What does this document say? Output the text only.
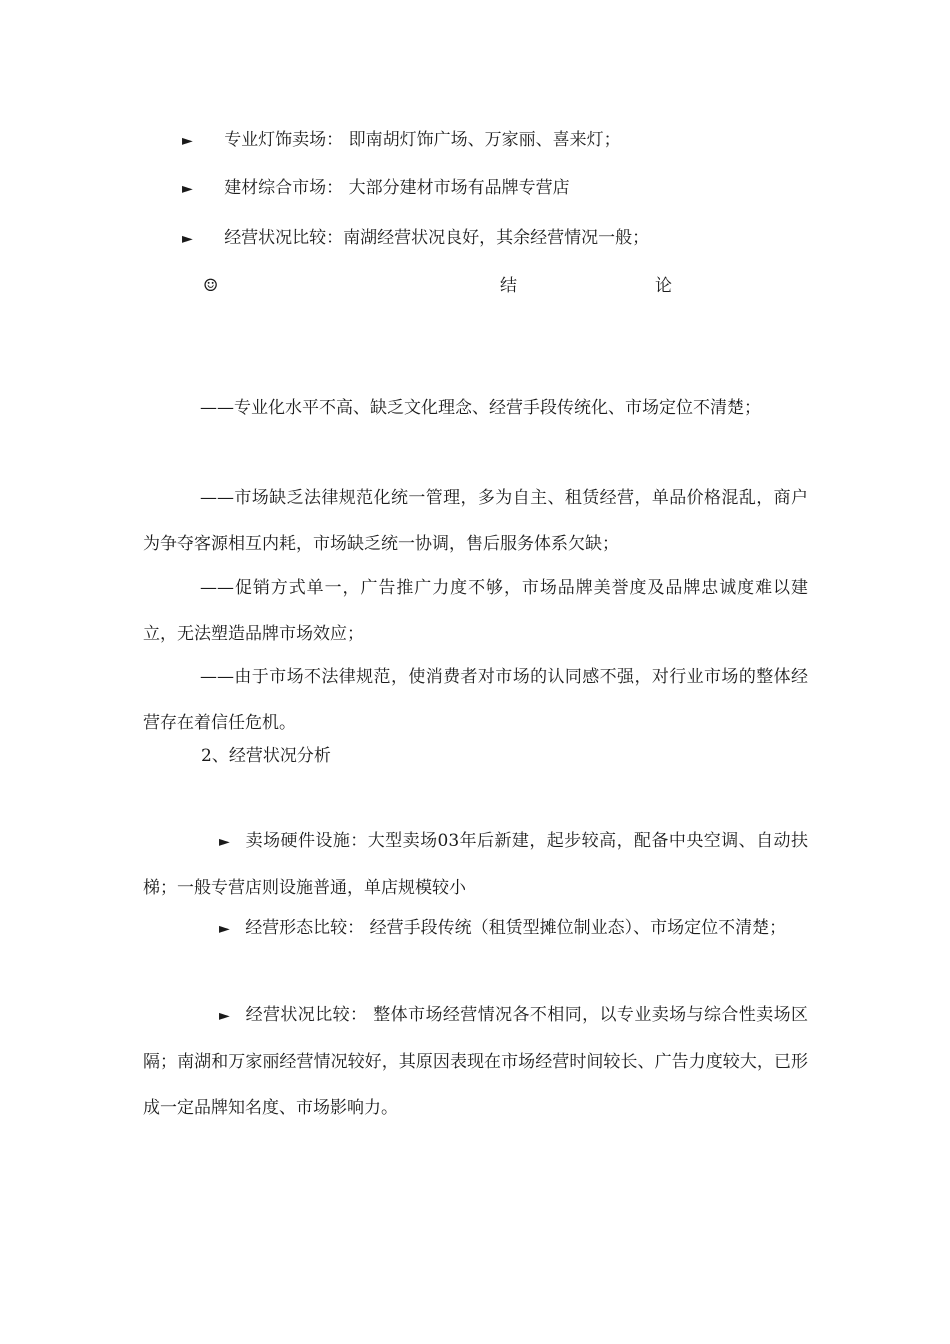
► 专业灯饰卖场： 即南胡灯饰广场、万家丽、喜来灯；
► 建材综合市场： 大部分建材市场有品牌专营店
► 经营状况比较：南湖经营状况良好，其余经营情况一般；
☺	结	论
——专业化水平不高、缺乏文化理念、经营手段传统化、市场定位不清楚；
——市场缺乏法律规范化统一管理，多为自主、租赁经营，单品价格混乱，商户为争夺客源相互内耗，市场缺乏统一协调，售后服务体系欠缺；
——促销方式单一，广告推广力度不够，市场品牌美誉度及品牌忠诚度难以建立，无法塑造品牌市场效应；
——由于市场不法律规范，使消费者对市场的认同感不强，对行业市场的整体经营存在着信任危机。
2、经营状况分析
► 卖场硬件设施：大型卖场03年后新建，起步较高，配备中央空调、自动扶梯；一般专营店则设施普通，单店规模较小
► 经营形态比较： 经营手段传统（租赁型摊位制业态）、市场定位不清楚；
► 经营状况比较： 整体市场经营情况各不相同，以专业卖场与综合性卖场区隔；南湖和万家丽经营情况较好，其原因表现在市场经营时间较长、广告力度较大，已形成一定品牌知名度、市场影响力。
